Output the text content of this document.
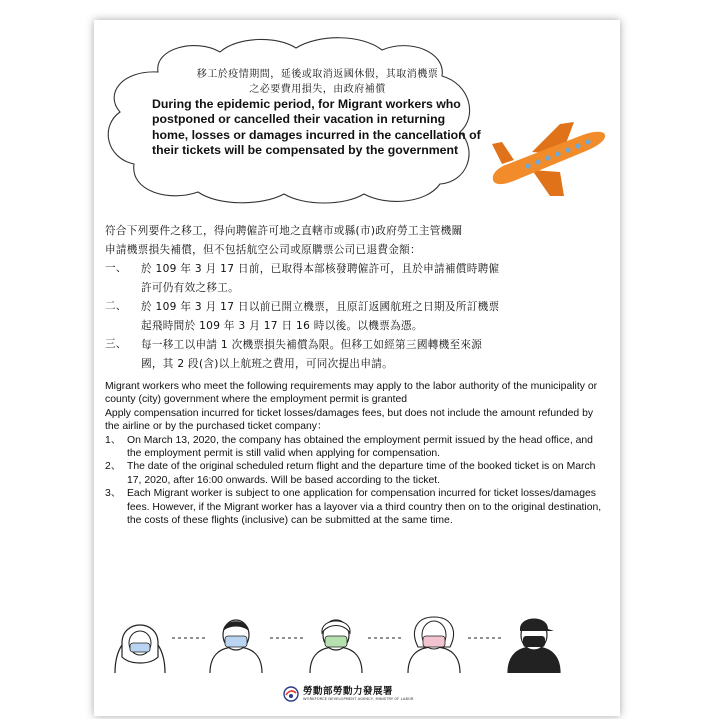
移工於疫情期間，延後或取消返國休假，其取消機票
之必要費用損失，由政府補償
During the epidemic period, for Migrant workers who postponed or cancelled their vacation in returning home, losses or damages incurred in the cancellation of their tickets will be compensated by the government
符合下列要件之移工，得向聘僱許可地之直轄市或縣(市)政府勞工主管機關
申請機票損失補償，但不包括航空公司或原購票公司已退費金額：
一、	於 109 年 3 月 17 日前，已取得本部核發聘僱許可，且於申請補償時聘僱
許可仍有效之移工。
二、	於 109 年 3 月 17 日以前已開立機票，且原訂返國航班之日期及所訂機票
起飛時間於 109 年 3 月 17 日 16 時以後。以機票為憑。
三、	每一移工以申請 1 次機票損失補償為限。但移工如經第三國轉機至來源
國，其 2 段(含)以上航班之費用，可同次提出申請。

Migrant workers who meet the following requirements may apply to the labor authority of the municipality or county (city) government where the employment permit is granted

Apply compensation incurred for ticket losses/damages fees, but does not include the amount refunded by the airline or by the purchased ticket company：

1、 On March 13, 2020, the company has obtained the employment permit issued by the head office, and the employment permit is still valid when applying for compensation.
2、 The date of the original scheduled return flight and the departure time of the booked ticket is on March 17, 2020, after 16:00 onwards. Will be based according to the ticket.
3、 Each Migrant worker is subject to one application for compensation incurred for ticket losses/damages fees. However, if the Migrant worker has a layover via a third country then on to the original destination, the costs of these flights (inclusive) can be submitted at the same time.
勞動部勞動力發展署
WORKFORCE DEVELOPMENT AGENCY, MINISTRY OF LABOR
